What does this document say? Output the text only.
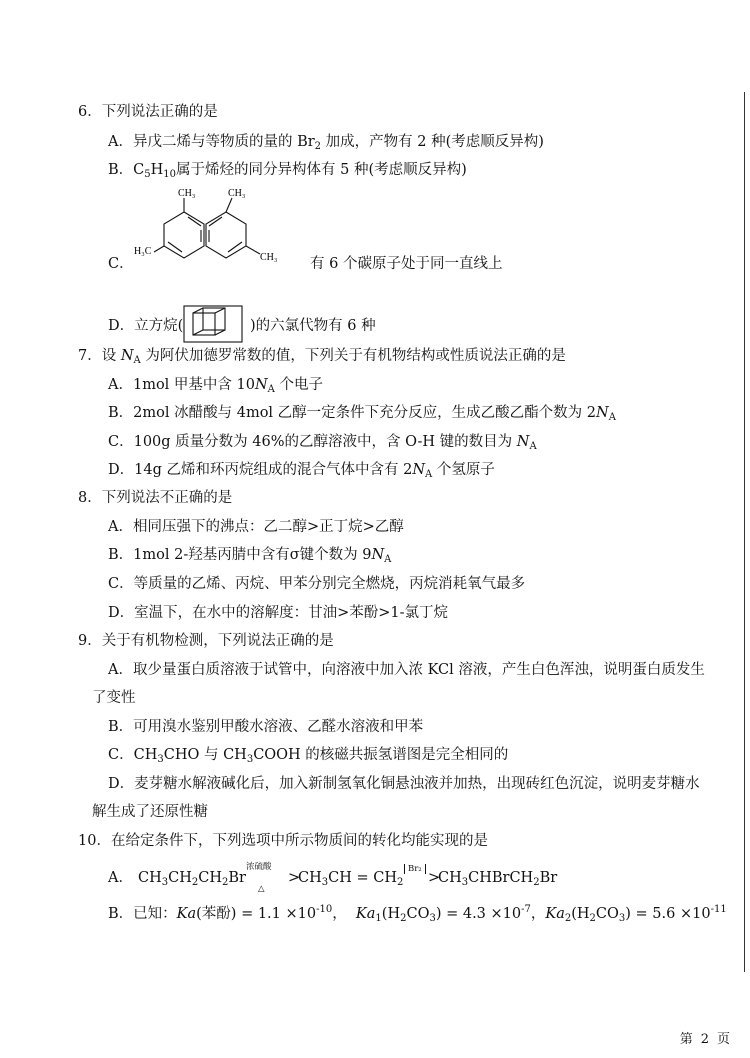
6．下列说法正确的是
A．异戊二烯与等物质的量的 $Br_2$ 加成，产物有 2 种(考虑顺反异构)
B．$C_5H_{10}$属于烯烃的同分异构体有 5 种(考虑顺反异构)
CH₃	CH₃
H₃C
CH₃
C．	有 6 个碳原子处于同一直线上
D．立方烷(	)的六氯代物有 6 种
7．设 $N_A$ 为阿伏加德罗常数的值，下列关于有机物结构或性质说法正确的是
A．1mol 甲基中含 $10N_A$ 个电子
B．2mol 冰醋酸与 4mol 乙醇一定条件下充分反应，生成乙酸乙酯个数为 $2N_A$
C．100g 质量分数为 46%的乙醇溶液中，含 O-H 键的数目为 $N_A$
D．14g 乙烯和环丙烷组成的混合气体中含有 $2N_A$ 个氢原子
8．下列说法不正确的是
A．相同压强下的沸点：乙二醇>正丁烷>乙醇
B．1mol 2-羟基丙腈中含有σ键个数为 $9N_A$
C．等质量的乙烯、丙烷、甲苯分别完全燃烧，丙烷消耗氧气最多
D．室温下，在水中的溶解度：甘油>苯酚>1-氯丁烷
9．关于有机物检测，下列说法正确的是
A．取少量蛋白质溶液于试管中，向溶液中加入浓 KCl 溶液，产生白色浑浊，说明蛋白质发生
了变性
B．可用溴水鉴别甲酸水溶液、乙醛水溶液和甲苯
C．$CH_3CHO$ 与 $CH_3COOH$ 的核磁共振氢谱图是完全相同的
D．麦芽糖水解液碱化后，加入新制氢氧化铜悬浊液并加热，出现砖红色沉淀，说明麦芽糖水
解生成了还原性糖
10．在给定条件下，下列选项中所示物质间的转化均能实现的是
A． $CH_3CH_2CH_2Br$
浓硫酸
△
>
$CH_3CH = CH_2$
Br₂
>
$CH_3CHBrCH_2Br$
B．已知：Ka(苯酚) = $1.1 \times 10^{-10}$， $Ka_1(H_2CO_3) = 4.3 \times 10^{-7}$，$Ka_2(H_2CO_3) = 5.6 \times 10^{-11}$
第 2 页
